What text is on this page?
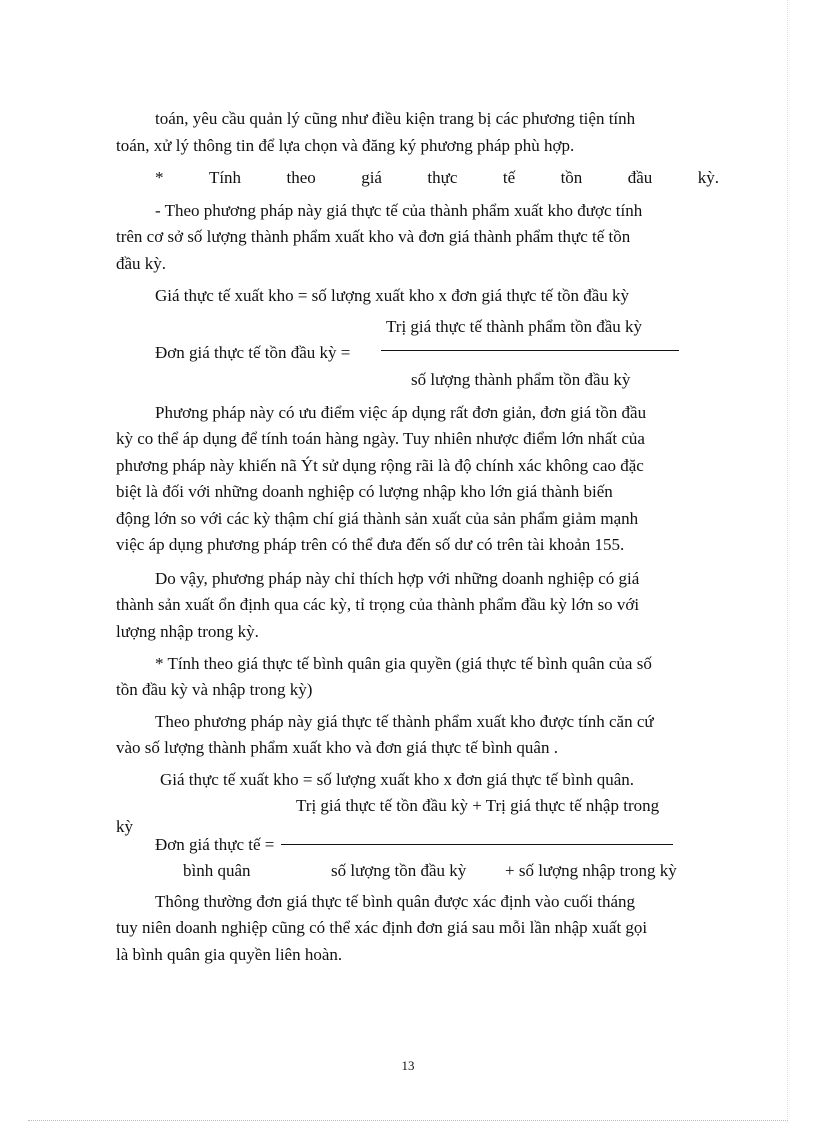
toán, yêu cầu quản lý cũng như điều kiện trang bị các phương tiện tính
toán, xử lý thông tin để lựa chọn và đăng ký phương pháp phù hợp.
*	Tính	theo	giá	thực	tế	tồn	đầu	kỳ.
- Theo phương pháp này giá thực tế của thành phẩm xuất kho được tính
trên cơ sở số lượng thành phẩm xuất kho và đơn giá thành phẩm thực tế tồn
đầu kỳ.
Giá thực tế xuất kho = số lượng xuất kho x đơn giá thực tế tồn đầu kỳ
Trị giá thực tế thành phẩm tồn đầu kỳ
Đơn giá thực tế tồn đầu kỳ =
số lượng thành phẩm tồn đầu kỳ
Phương pháp này có ưu điểm việc áp dụng rất đơn giản, đơn giá tồn đầu
kỳ co thể áp dụng để tính toán hàng ngày. Tuy nhiên nhược điểm lớn nhất của
phương pháp này khiến nã Ýt sử dụng rộng rãi là độ chính xác không cao đặc
biệt là đối với những doanh nghiệp có lượng nhập kho lớn giá thành biến
động lớn so với các kỳ thậm chí giá thành sản xuất của sản phẩm giảm mạnh
việc áp dụng phương pháp trên có thể đưa đến số dư có trên tài khoản 155.
Do vậy, phương pháp này chỉ thích hợp với những doanh nghiệp có giá
thành sản xuất ổn định qua các kỳ, tỉ trọng của thành phẩm đầu kỳ lớn so với
lượng nhập trong kỳ.
* Tính theo giá thực tế bình quân gia quyền (giá thực tế bình quân của số
tồn đầu kỳ và nhập trong kỳ)
Theo phương pháp này giá thực tế thành phẩm xuất kho được tính căn cứ
vào số lượng thành phẩm xuất kho và đơn giá thực tế bình quân .
Giá thực tế xuất kho = số lượng xuất kho x đơn giá thực tế bình quân.
Trị giá thực tế tồn đầu kỳ + Trị giá thực tế nhập trong
kỳ
Đơn giá thực tế =
bình quân	số lượng tồn đầu kỳ + số lượng nhập trong kỳ
Thông thường đơn giá thực tế bình quân được xác định vào cuối tháng
tuy niên doanh nghiệp cũng có thể xác định đơn giá sau mỗi lần nhập xuất gọi
là bình quân gia quyền liên hoàn.
13
